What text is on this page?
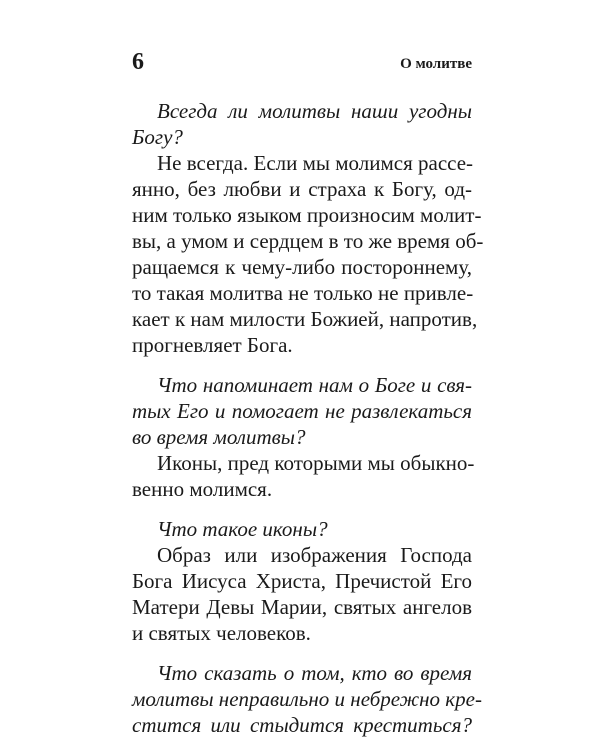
6	О молитве
Всегда ли молитвы наши угодны
Богу?
Не всегда. Если мы молимся рассе-
янно, без любви и страха к Богу, од-
ним только языком произносим молит-
вы, а умом и сердцем в то же время об-
ращаемся к чему-либо постороннему,
то такая молитва не только не привле-
кает к нам милости Божией, напротив,
прогневляет Бога.
Что напоминает нам о Боге и свя-
тых Его и помогает не развлекаться
во время молитвы?
Иконы, пред которыми мы обыкно-
венно молимся.
Что такое иконы?
Образ или изображения Господа
Бога Иисуса Христа, Пречистой Его
Матери Девы Марии, святых ангелов
и святых человеков.
Что сказать о том, кто во время
молитвы неправильно и небрежно кре-
стится или стыдится креститься?
